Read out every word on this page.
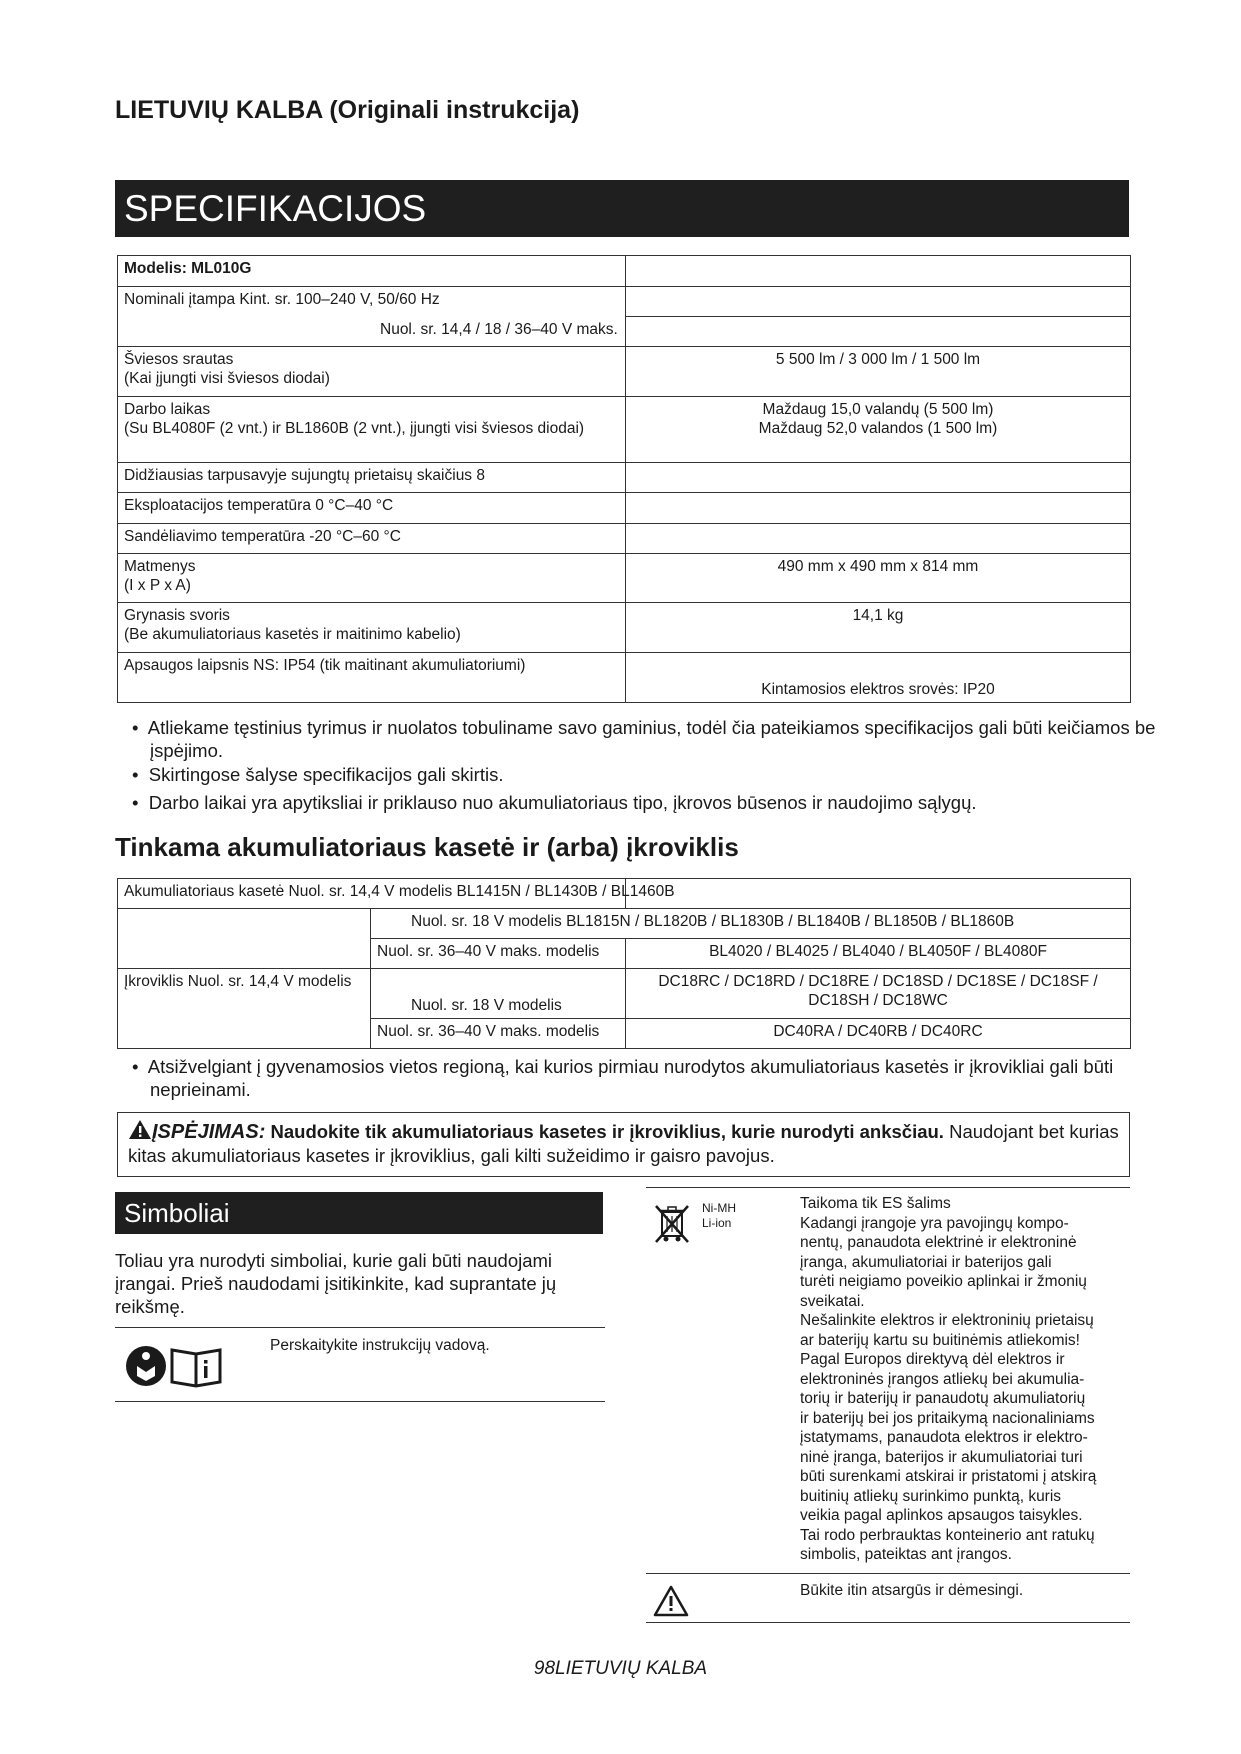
LIETUVIŲ KALBA (Originali instrukcija)
SPECIFIKACIJOS
Modelis: ML010G	
Nominali įtampa Kint. sr. 100–240 V, 50/60 Hz	
Nuol. sr. 14,4 / 18 / 36–40 V maks.	
Šviesos srautas
(Kai įjungti visi šviesos diodai)	5 500 lm / 3 000 lm / 1 500 lm
Darbo laikas
(Su BL4080F (2 vnt.) ir BL1860B (2 vnt.), įjungti visi šviesos diodai)	Maždaug 15,0 valandų (5 500 lm)
Maždaug 52,0 valandos (1 500 lm)
Didžiausias tarpusavyje sujungtų prietaisų skaičius 8	
Eksploatacijos temperatūra 0 °C–40 °C	
Sandėliavimo temperatūra -20 °C–60 °C	
Matmenys
(I x P x A)	490 mm x 490 mm x 814 mm
Grynasis svoris
(Be akumuliatoriaus kasetės ir maitinimo kabelio)	14,1 kg
Apsaugos laipsnis NS: IP54 (tik maitinant akumuliatoriumi)	Kintamosios elektros srovės: IP20
•  Atliekame tęstinius tyrimus ir nuolatos tobuliname savo gaminius, todėl čia pateikiamos specifikacijos gali būti keičiamos be įspėjimo.
•  Skirtingose šalyse specifikacijos gali skirtis.
•  Darbo laikai yra apytiksliai ir priklauso nuo akumuliatoriaus tipo, įkrovos būsenos ir naudojimo sąlygų.
Tinkama akumuliatoriaus kasetė ir (arba) įkroviklis
Akumuliatoriaus kasetė Nuol. sr. 14,4 V modelis BL1415N / BL1430B / BL1460B		
	Nuol. sr. 18 V modelis BL1815N / BL1820B / BL1830B / BL1840B / BL1850B / BL1860B	
	Nuol. sr. 36–40 V maks. modelis	BL4020 / BL4025 / BL4040 / BL4050F / BL4080F
Įkroviklis Nuol. sr. 14,4 V modelis	Nuol. sr. 18 V modelis	DC18RC / DC18RD / DC18RE / DC18SD / DC18SE / DC18SF / DC18SH / DC18WC
	Nuol. sr. 36–40 V maks. modelis	DC40RA / DC40RB / DC40RC
•  Atsižvelgiant į gyvenamosios vietos regioną, kai kurios pirmiau nurodytos akumuliatoriaus kasetės ir įkrovikliai gali būti neprieinami.
ĮSPĖJIMAS: Naudokite tik akumuliatoriaus kasetes ir įkroviklius, kurie nurodyti anksčiau. Naudojant bet kurias kitas akumuliatoriaus kasetes ir įkroviklius, gali kilti sužeidimo ir gaisro pavojus.
Simboliai
Toliau yra nurodyti simboliai, kurie gali būti naudojami įrangai. Prieš naudodami įsitikinkite, kad suprantate jų reikšmę.
Perskaitykite instrukcijų vadovą.
Ni-MH
Li-ion
Taikoma tik ES šalims
Kadangi įrangoje yra pavojingų kompo-
nentų, panaudota elektrinė ir elektroninė
įranga, akumuliatoriai ir baterijos gali
turėti neigiamo poveikio aplinkai ir žmonių
sveikatai.
Nešalinkite elektros ir elektroninių prietaisų
ar baterijų kartu su buitinėmis atliekomis!
Pagal Europos direktyvą dėl elektros ir
elektroninės įrangos atliekų bei akumulia-
torių ir baterijų ir panaudotų akumuliatorių
ir baterijų bei jos pritaikymą nacionaliniams
įstatymams, panaudota elektros ir elektro-
ninė įranga, baterijos ir akumuliatoriai turi
būti surenkami atskirai ir pristatomi į atskirą
buitinių atliekų surinkimo punktą, kuris
veikia pagal aplinkos apsaugos taisykles.
Tai rodo perbrauktas konteinerio ant ratukų
simbolis, pateiktas ant įrangos.
Būkite itin atsargūs ir dėmesingi.
98LIETUVIŲ KALBA
